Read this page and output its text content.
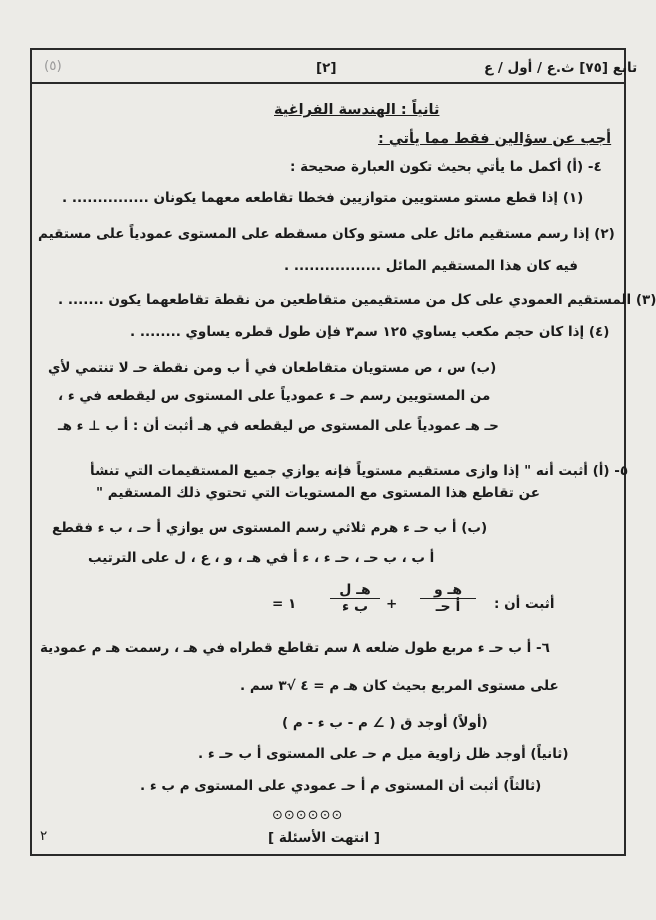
[٢]	تابع [٧٥] ث.ع / أول / ع
(٥)
ثانياً : الهندسة الفراغية
أجب عن سؤالين فقط مما يأتي :
٤- (أ) أكمل ما يأتي بحيث تكون العبارة صحيحة :
(١) إذا قطع مستو مستويين متوازيين فخطا تقاطعه معهما يكونان ............... .
(٢) إذا رسم مستقيم مائل على مستو وكان مسقطه على المستوى عمودياً على مستقيم
فيه كان هذا المستقيم المائل ................. .
(٣) المستقيم العمودي على كل من مستقيمين متقاطعين من نقطة تقاطعهما يكون ....... .
(٤) إذا كان حجم مكعب يساوي ١٢٥ سم٣ فإن طول قطره يساوي ........ .
(ب) س ، ص مستويان متقاطعان في أ ب ومن نقطة حـ لا تنتمي لأي
من المستويين رسم حـ ء عمودياً على المستوى س ليقطعه في ء ،
حـ هـ عمودياً على المستوى ص ليقطعه في هـ أثبت أن : أ ب ⊥ ء هـ
٥- (أ) أثبت أنه " إذا وازى مستقيم مستوياً فإنه يوازي جميع المستقيمات التي تنشأ
عن تقاطع هذا المستوى مع المستويات التي تحتوي ذلك المستقيم "
(ب) أ ب حـ ء هرم ثلاثي رسم المستوى س يوازي أ حـ ، ب ء فقطع
أ ب ، ب حـ ، حـ ء ، ء أ في هـ ، و ، ع ، ل على الترتيب
أثبت أن :
هـ و
أ حـ
+
هـ ل
ب ء
= ١
٦- أ ب حـ ء مربع طول ضلعه ٨ سم تقاطع قطراه في هـ ، رسمت هـ م عمودية
على مستوى المربع بحيث كان هـ م = ٤ √٣ سم .
(أولاً) أوجد ق ( ∠ م - ب ء - م )
(ثانياً) أوجد ظل زاوية ميل م حـ على المستوى أ ب حـ ء .
(ثالثاً) أثبت أن المستوى م أ حـ عمودي على المستوى م ب ء .
⊙⊙⊙⊙⊙⊙
[ انتهت الأسئلة ]
٢
